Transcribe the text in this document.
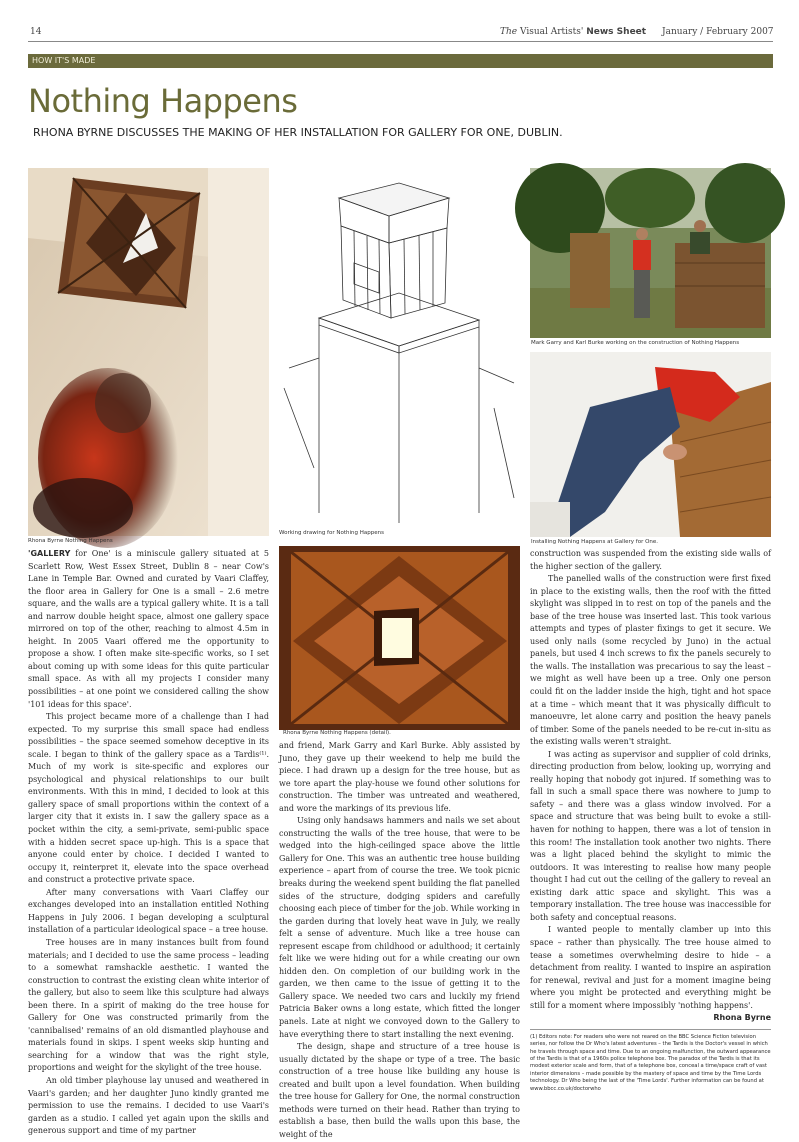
14	The Visual Artists' News Sheet January / February 2007
HOW IT'S MADE
Nothing Happens
RHONA BYRNE DISCUSSES THE MAKING OF HER INSTALLATION FOR GALLERY FOR ONE, DUBLIN.
Rhona Byrne Nothing Happens
Working drawing for Nothing Happens
Mark Garry and Karl Burke working on the construction of Nothing Happens
Installing Nothing Happens at Gallery for One.
Rhona Byrne Nothing Happens (detail).

'GALLERY for One' is a miniscule gallery situated at 5 Scarlett Row, West Essex Street, Dublin 8 – near Cow's Lane in Temple Bar. Owned and curated by Vaari Claffey, the floor area in Gallery for One is a small – 2.6 metre square, and the walls are a typical gallery white. It is a tall and narrow double height space, almost one gallery space mirrored on top of the other, reaching to almost 4.5m in height. In 2005 Vaari offered me the opportunity to propose a show. I often make site-specific works, so I set about coming up with some ideas for this quite particular small space. As with all my projects I consider many possibilities – at one point we considered calling the show '101 ideas for this space'.

This project became more of a challenge than I had expected. To my surprise this small space had endless possibilities – the space seemed somehow deceptive in its scale. I began to think of the gallery space as a Tardis⁽¹⁾. Much of my work is site-specific and explores our psychological and physical relationships to our built environments. With this in mind, I decided to look at this gallery space of small proportions within the context of a larger city that it exists in. I saw the gallery space as a pocket within the city, a semi-private, semi-public space with a hidden secret space up-high. This is a space that anyone could enter by choice. I decided I wanted to occupy it, reinterpret it, elevate into the space overhead and construct a protective private space.

After many conversations with Vaari Claffey our exchanges developed into an installation entitled Nothing Happens in July 2006. I began developing a sculptural installation of a particular ideological space – a tree house.

Tree houses are in many instances built from found materials; and I decided to use the same process – leading to a somewhat ramshackle aesthetic. I wanted the construction to contrast the existing clean white interior of the gallery, but also to seem like this sculpture had always been there. In a spirit of making do the tree house for Gallery for One was constructed primarily from the 'cannibalised' remains of an old dismantled playhouse and materials found in skips. I spent weeks skip hunting and searching for a window that was the right style, proportions and weight for the skylight of the tree house.

An old timber playhouse lay unused and weathered in Vaari's garden; and her daughter Juno kindly granted me permission to use the remains. I decided to use Vaari's garden as a studio. I called yet again upon the skills and generous support and time of my partner

and friend, Mark Garry and Karl Burke. Ably assisted by Juno, they gave up their weekend to help me build the piece. I had drawn up a design for the tree house, but as we tore apart the play-house we found other solutions for construction. The timber was untreated and weathered, and wore the markings of its previous life.

Using only handsaws hammers and nails we set about constructing the walls of the tree house, that were to be wedged into the high-ceilinged space above the little Gallery for One. This was an authentic tree house building experience – apart from of course the tree. We took picnic breaks during the weekend spent building the flat panelled sides of the structure, dodging spiders and carefully choosing each piece of timber for the job. While working in the garden during that lovely heat wave in July, we really felt a sense of adventure. Much like a tree house can represent escape from childhood or adulthood; it certainly felt like we were hiding out for a while creating our own hidden den. On completion of our building work in the garden, we then came to the issue of getting it to the Gallery space. We needed two cars and luckily my friend Patricia Baker owns a long estate, which fitted the longer panels. Late at night we convoyed down to the Gallery to have everything there to start installing the next evening.

The design, shape and structure of a tree house is usually dictated by the shape or type of a tree. The basic construction of a tree house like building any house is created and built upon a level foundation. When building the tree house for Gallery for One, the normal construction methods were turned on their head. Rather than trying to establish a base, then build the walls upon this base, the weight of the

construction was suspended from the existing side walls of the higher section of the gallery.

The panelled walls of the construction were first fixed in place to the existing walls, then the roof with the fitted skylight was slipped in to rest on top of the panels and the base of the tree house was inserted last. This took various attempts and types of plaster fixings to get it secure. We used only nails (some recycled by Juno) in the actual panels, but used 4 inch screws to fix the panels securely to the walls. The installation was precarious to say the least – we might as well have been up a tree. Only one person could fit on the ladder inside the high, tight and hot space at a time – which meant that it was physically difficult to manoeuvre, let alone carry and position the heavy panels of timber. Some of the panels needed to be re-cut in-situ as the existing walls weren't straight.

I was acting as supervisor and supplier of cold drinks, directing production from below, looking up, worrying and really hoping that nobody got injured. If something was to fall in such a small space there was nowhere to jump to safety – and there was a glass window involved. For a space and structure that was being built to evoke a still-haven for nothing to happen, there was a lot of tension in this room! The installation took another two nights. There was a light placed behind the skylight to mimic the outdoors. It was interesting to realise how many people thought I had cut out the ceiling of the gallery to reveal an existing dark attic space and skylight. This was a temporary installation. The tree house was inaccessible for both safety and conceptual reasons.

I wanted people to mentally clamber up into this space – rather than physically. The tree house aimed to tease a sometimes overwhelming desire to hide – a detachment from reality. I wanted to inspire an aspiration for renewal, revival and just for a moment imagine being where you might be protected and everything might be still for a moment where impossibly 'nothing happens'.

Rhona Byrne

(1) Editors note: For readers who were not reared on the BBC Science Fiction television series, nor follow the Dr Who's latest adventures – the Tardis is the Doctor's vessel in which he travels through space and time. Due to an ongoing malfunction, the outward appearance of the Tardis is that of a 1960s police telephone box. The paradox of the Tardis is that its modest exterior scale and form, that of a telephone box, conceal a time/space craft of vast interior dimensions – made possible by the mastery of space and time by the Time Lords technology. Dr Who being the last of the 'Time Lords'. Further information can be found at www.bbcc.co.uk/doctorwho
